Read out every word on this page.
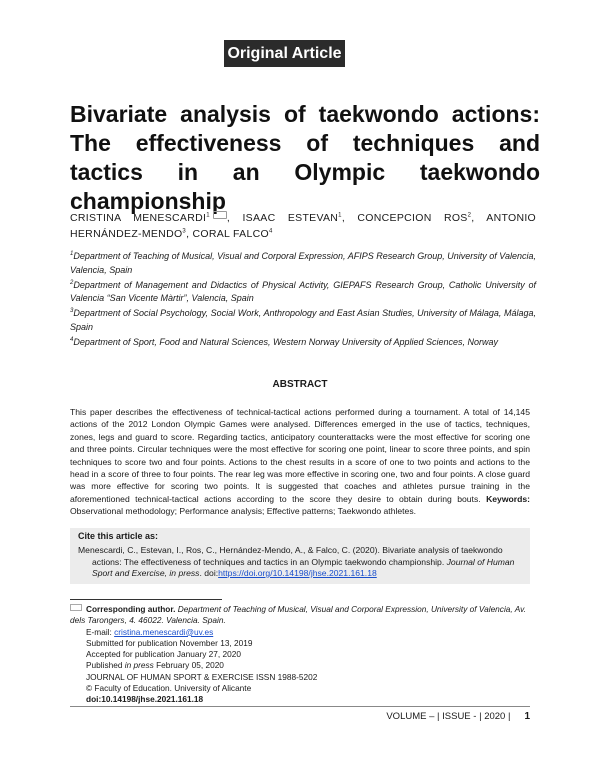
Original Article
Bivariate analysis of taekwondo actions: The effectiveness of techniques and tactics in an Olympic taekwondo championship
CRISTINA MENESCARDI$^1$ , ISAAC ESTEVAN$^1$, CONCEPCION ROS$^2$, ANTONIO HERNÁNDEZ-MENDO$^3$, CORAL FALCO$^4$

$^1$Department of Teaching of Musical, Visual and Corporal Expression, AFIPS Research Group, University of Valencia, Valencia, Spain

$^2$Department of Management and Didactics of Physical Activity, GIEPAFS Research Group, Catholic University of Valencia “San Vicente Màrtir”, Valencia, Spain

$^3$Department of Social Psychology, Social Work, Anthropology and East Asian Studies, University of Málaga, Málaga, Spain

$^4$Department of Sport, Food and Natural Sciences, Western Norway University of Applied Sciences, Norway

ABSTRACT
This paper describes the effectiveness of technical-tactical actions performed during a tournament. A total of 14,145 actions of the 2012 London Olympic Games were analysed. Differences emerged in the use of tactics, techniques, zones, legs and guard to score. Regarding tactics, anticipatory counterattacks were the most effective for scoring one and three points. Circular techniques were the most effective for scoring one point, linear to score three points, and spin techniques to score two and four points. Actions to the chest results in a score of one to two points and actions to the head in a score of three to four points. The rear leg was more effective in scoring one, two and four points. A close guard was more effective for scoring two points. It is suggested that coaches and athletes pursue training in the aforementioned technical-tactical actions according to the score they desire to obtain during bouts. Keywords: Observational methodology; Performance analysis; Effective patterns; Taekwondo athletes.
Cite this article as:
Menescardi, C., Estevan, I., Ros, C., Hernández-Mendo, A., & Falco, C. (2020). Bivariate analysis of taekwondo actions: The effectiveness of techniques and tactics in an Olympic taekwondo championship. Journal of Human Sport and Exercise, in press. doi:https://doi.org/10.14198/jhse.2021.161.18
Corresponding author. Department of Teaching of Musical, Visual and Corporal Expression, University of Valencia, Av. dels Tarongers, 4. 46022. Valencia. Spain.
E-mail: cristina.menescardi@uv.es
Submitted for publication November 13, 2019
Accepted for publication January 27, 2020
Published in press February 05, 2020
JOURNAL OF HUMAN SPORT & EXERCISE ISSN 1988-5202
© Faculty of Education. University of Alicante
doi:10.14198/jhse.2021.161.18
VOLUME – | ISSUE - | 2020 | 1
